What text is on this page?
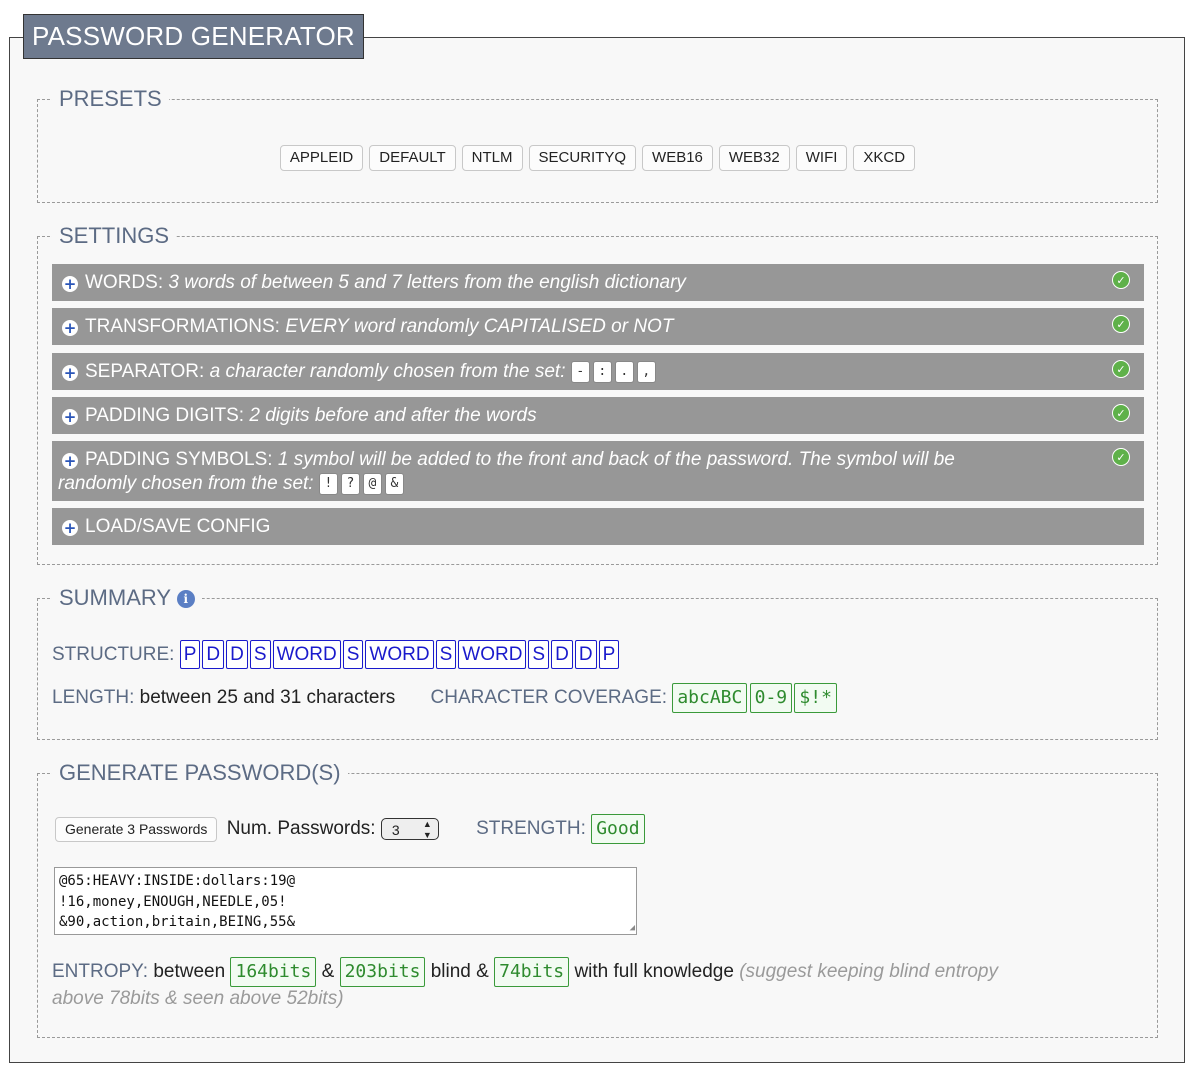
PASSWORD GENERATOR
PRESETS
APPLEID DEFAULT NTLM SECURITYQ WEB16 WEB32 WIFI XKCD
SETTINGS
+ WORDS: 3 words of between 5 and 7 letters from the english dictionary	✓
+ TRANSFORMATIONS: EVERY word randomly CAPITALISED or NOT	✓
+ SEPARATOR: a character randomly chosen from the set: - : . ,	✓
+ PADDING DIGITS: 2 digits before and after the words	✓
+ PADDING SYMBOLS: 1 symbol will be added to the front and back of the password. The symbol will be
randomly chosen from the set: ! ? @ &
✓
+ LOAD/SAVE CONFIG
SUMMARY i
STRUCTURE: P D D S WORD S WORD S WORD S D D P
LENGTH: between 25 and 31 characters CHARACTER COVERAGE: abcABC 0-9 $!*
GENERATE PASSWORD(S)
Generate 3 Passwords Num. Passwords: 3	▲
▼ STRENGTH: Good
@65:HEAVY:INSIDE:dollars:19@
!16,money,ENOUGH,NEEDLE,05!
&90,action,britain,BEING,55&	◢
ENTROPY: between 164bits & 203bits blind & 74bits with full knowledge (suggest keeping blind entropy
above 78bits & seen above 52bits)
